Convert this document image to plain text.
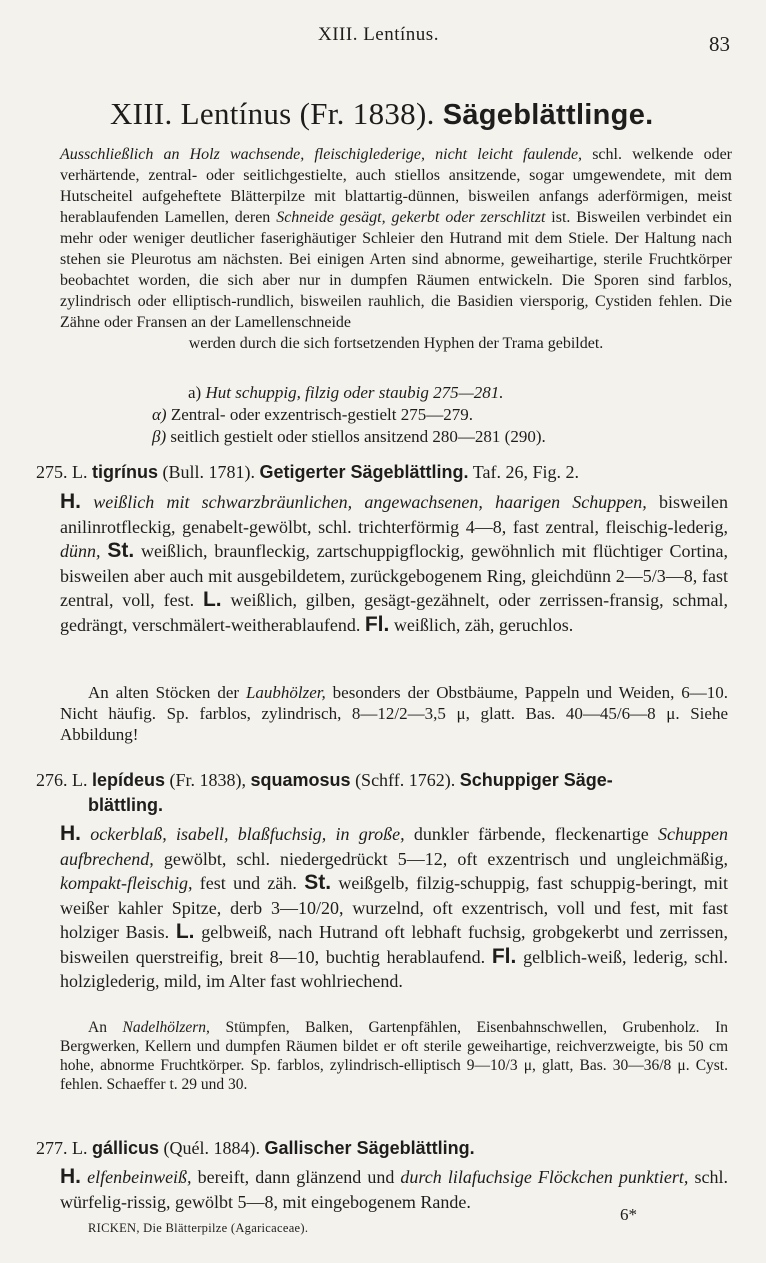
XIII. Lentínus.	83
XIII. Lentínus (Fr. 1838). Sägeblättlinge.
Ausschließlich an Holz wachsende, fleischiglederige, nicht leicht faulende, schl. welkende oder verhärtende, zentral- oder seitlichgestielte, auch stiellos ansitzende, sogar umgewendete, mit dem Hutscheitel aufgeheftete Blätterpilze mit blattartig-dünnen, bisweilen anfangs aderförmigen, meist herablaufenden Lamellen, deren Schneide gesägt, gekerbt oder zerschlitzt ist. Bisweilen verbindet ein mehr oder weniger deutlicher faserighäutiger Schleier den Hutrand mit dem Stiele. Der Haltung nach stehen sie Pleurotus am nächsten. Bei einigen Arten sind abnorme, geweihartige, sterile Fruchtkörper beobachtet worden, die sich aber nur in dumpfen Räumen entwickeln. Die Sporen sind farblos, zylindrisch oder elliptisch-rundlich, bisweilen rauhlich, die Basidien viersporig, Cystiden fehlen. Die Zähne oder Fransen an der Lamellenschneide
werden durch die sich fortsetzenden Hyphen der Trama gebildet.
a) Hut schuppig, filzig oder staubig 275—281.
α) Zentral- oder exzentrisch-gestielt 275—279.
β) seitlich gestielt oder stiellos ansitzend 280—281 (290).
275. L. tigrínus (Bull. 1781). Getigerter Sägeblättling. Taf. 26, Fig. 2.
H. weißlich mit schwarzbräunlichen, angewachsenen, haarigen Schuppen, bisweilen anilinrotfleckig, genabelt-gewölbt, schl. trichterförmig 4—8, fast zentral, fleischig-lederig, dünn, St. weißlich, braunfleckig, zartschuppigflockig, gewöhnlich mit flüchtiger Cortina, bisweilen aber auch mit ausgebildetem, zurückgebogenem Ring, gleichdünn 2—5/3—8, fast zentral, voll, fest. L. weißlich, gilben, gesägt-gezähnelt, oder zerrissen-fransig, schmal, gedrängt, verschmälert-weitherablaufend. Fl. weißlich, zäh, geruchlos.
An alten Stöcken der Laubhölzer, besonders der Obstbäume, Pappeln und Weiden, 6—10. Nicht häufig. Sp. farblos, zylindrisch, 8—12/2—3,5 μ, glatt. Bas. 40—45/6—8 μ. Siehe Abbildung!
276. L. lepídeus (Fr. 1838), squamosus (Schff. 1762). Schuppiger Säge-
blättling.
H. ockerblaß, isabell, blaßfuchsig, in große, dunkler färbende, fleckenartige Schuppen aufbrechend, gewölbt, schl. niedergedrückt 5—12, oft exzentrisch und ungleichmäßig, kompakt-fleischig, fest und zäh. St. weißgelb, filzig-schuppig, fast schuppig-beringt, mit weißer kahler Spitze, derb 3—10/20, wurzelnd, oft exzentrisch, voll und fest, mit fast holziger Basis. L. gelbweiß, nach Hutrand oft lebhaft fuchsig, grobgekerbt und zerrissen, bisweilen querstreifig, breit 8—10, buchtig herablaufend. Fl. gelblich-weiß, lederig, schl. holziglederig, mild, im Alter fast wohlriechend.
An Nadelhölzern, Stümpfen, Balken, Gartenpfählen, Eisenbahnschwellen, Grubenholz. In Bergwerken, Kellern und dumpfen Räumen bildet er oft sterile geweihartige, reichverzweigte, bis 50 cm hohe, abnorme Fruchtkörper. Sp. farblos, zylindrisch-elliptisch 9—10/3 μ, glatt, Bas. 30—36/8 μ. Cyst. fehlen. Schaeffer t. 29 und 30.
277. L. gállicus (Quél. 1884). Gallischer Sägeblättling.
H. elfenbeinweiß, bereift, dann glänzend und durch lilafuchsige Flöckchen punktiert, schl. würfelig-rissig, gewölbt 5—8, mit eingebogenem Rande.
RICKEN, Die Blätterpilze (Agaricaceae).
6*
